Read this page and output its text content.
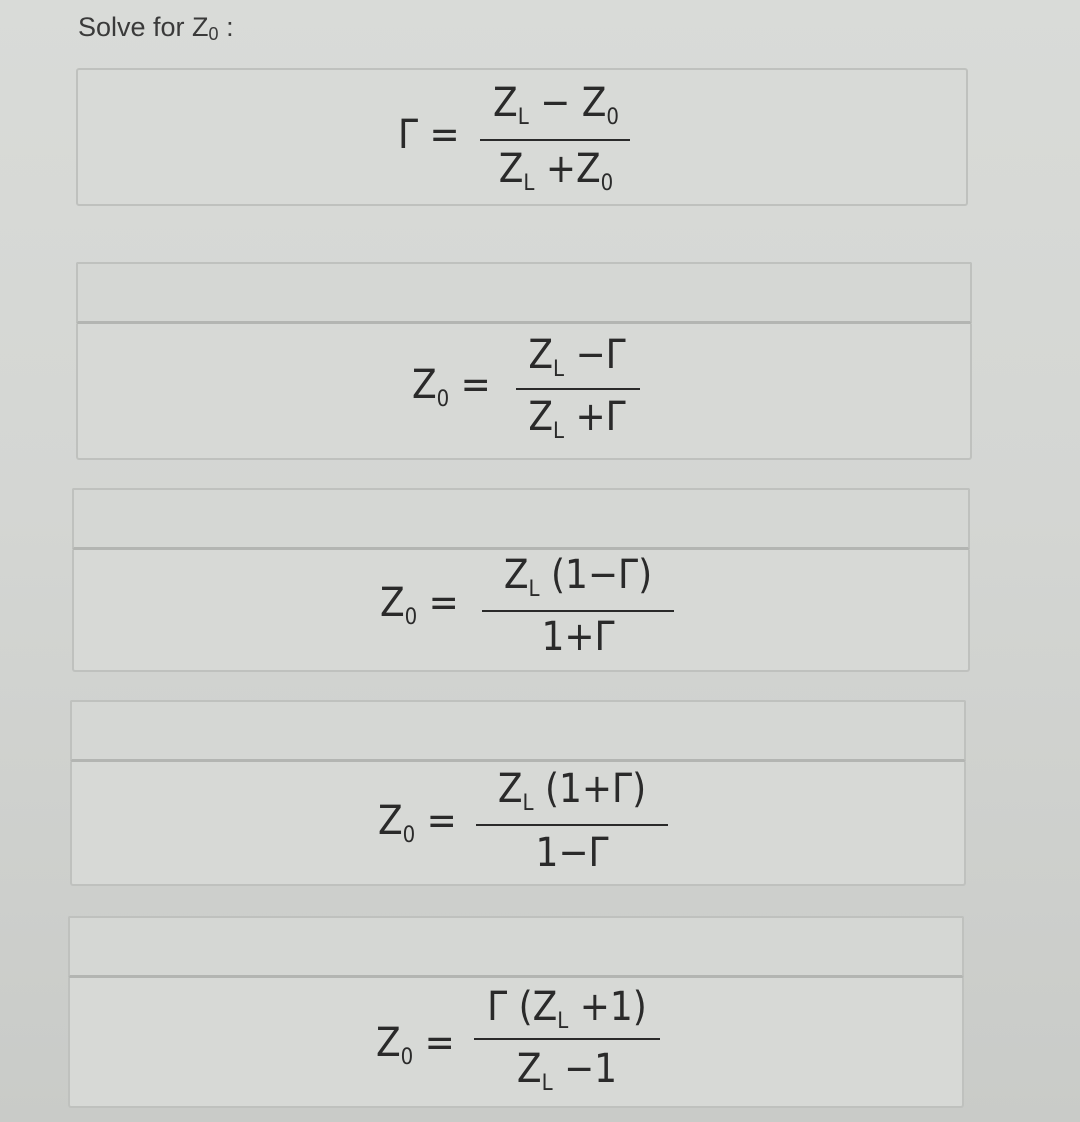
Solve for $Z_0$ :
Γ =
$Z_L - Z_0$
$Z_L +Z_0$
$Z_0$ =
$Z_L -\Gamma$
$Z_L +\Gamma$
$Z_0$ =
$Z_L$ (1−Γ)
1+Γ
$Z_0$ =
$Z_L$ (1+Γ)
1−Γ
$Z_0$ =
Γ $(Z_L +1)$
$Z_L -1$
